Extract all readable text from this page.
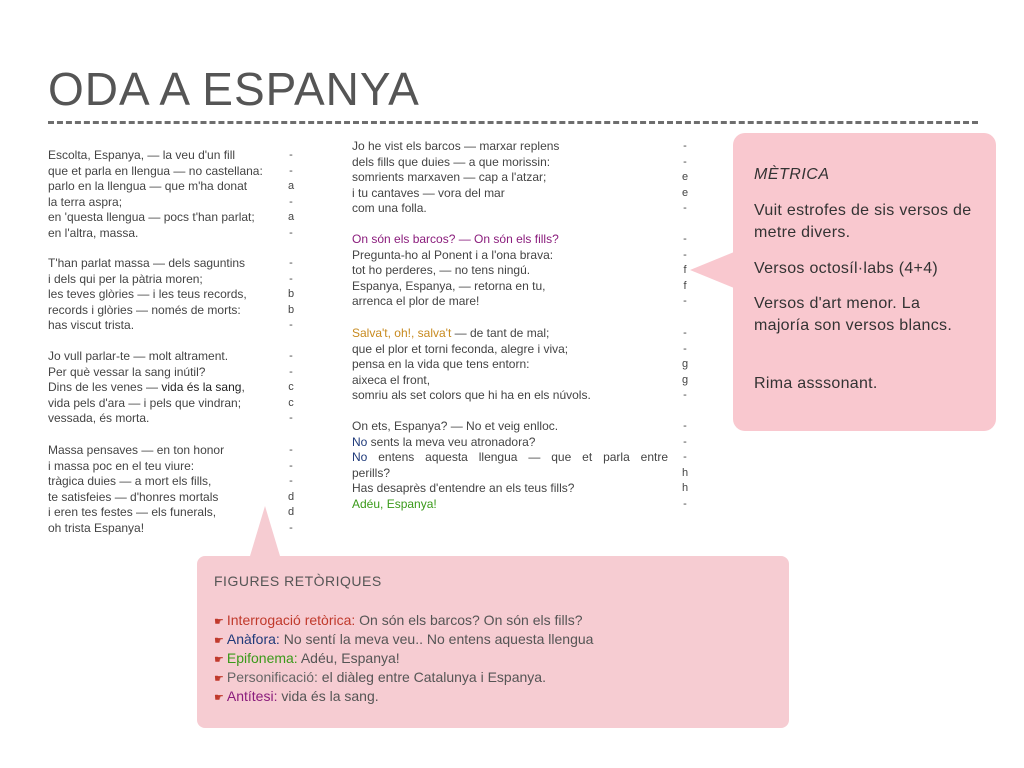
ODA A ESPANYA
Escolta, Espanya, — la veu d'un fill
que et parla en llengua — no castellana:
parlo en la llengua — que m'ha donat
la terra aspra;
en 'questa llengua — pocs t'han parlat;
en l'altra, massa.
-
-
a
-
a
-
T'han parlat massa — dels saguntins
i dels qui per la pàtria moren;
les teves glòries — i les teus records,
records i glòries — només de morts:
has viscut trista.
-
-
b
b
-
Jo vull parlar-te — molt altrament.
Per què vessar la sang inútil?
Dins de les venes — vida és la sang,
vida pels d'ara — i pels que vindran;
vessada, és morta.
-
-
c
c
-
Massa pensaves — en ton honor
i massa poc en el teu viure:
tràgica duies — a mort els fills,
te satisfeies — d'honres mortals
i eren tes festes — els funerals,
oh trista Espanya!
-
-
-
d
d
-
Jo he vist els barcos — marxar replens
dels fills que duies — a que morissin:
somrients marxaven — cap a l'atzar;
i tu cantaves — vora del mar
com una folla.
-
-
e
e
-
On són els barcos? — On són els fills?
Pregunta-ho al Ponent i a l'ona brava:
tot ho perderes, — no tens ningú.
Espanya, Espanya, — retorna en tu,
arrenca el plor de mare!
-
-
f
f
-
Salva't, oh!, salva't — de tant de mal;
que el plor et torni feconda, alegre i viva;
pensa en la vida que tens entorn:
aixeca el front,
somriu als set colors que hi ha en els núvols.
-
-
g
g
-
On ets, Espanya? — No et veig enlloc.
No sents la meva veu atronadora?
No entens aquesta llengua — que et parla entre
perills?
Has desaprès d'entendre an els teus fills?
Adéu, Espanya!
-
-
-
h
h
-
MÈTRICA
Vuit estrofes de sis versos de metre divers.
Versos octosíl·labs (4+4)
Versos d'art menor. La majoría son versos blancs.
Rima asssonant.
FIGURES RETÒRIQUES
☛ Interrogació retòrica: On són els barcos? On són els fills?
☛ Anàfora: No sentí la meva veu.. No entens aquesta llengua
☛ Epifonema: Adéu, Espanya!
☛ Personificació: el diàleg entre Catalunya i Espanya.
☛ Antítesi: vida és la sang.
